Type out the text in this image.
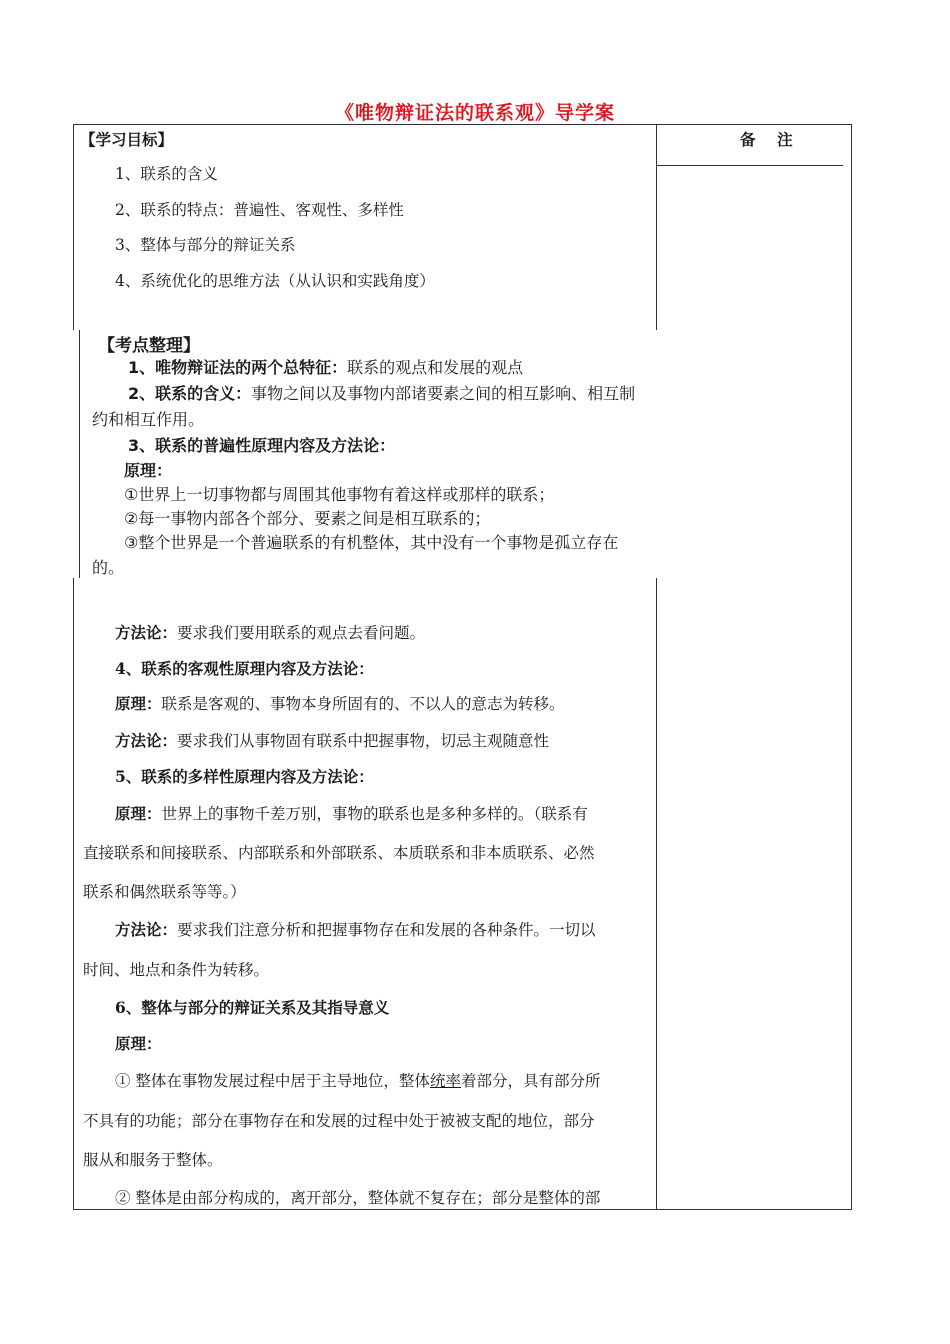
《唯物辩证法的联系观》导学案
备    注
【学习目标】
1、联系的含义
2、联系的特点：普遍性、客观性、多样性
3、整体与部分的辩证关系
4、系统优化的思维方法（从认识和实践角度）
【考点整理】
1、唯物辩证法的两个总特征：联系的观点和发展的观点
2、联系的含义：事物之间以及事物内部诸要素之间的相互影响、相互制
约和相互作用。
3、联系的普遍性原理内容及方法论：
原理：
①世界上一切事物都与周围其他事物有着这样或那样的联系；
②每一事物内部各个部分、要素之间是相互联系的；
③整个世界是一个普遍联系的有机整体，其中没有一个事物是孤立存在
的。
方法论：要求我们要用联系的观点去看问题。
4、联系的客观性原理内容及方法论：
原理：联系是客观的、事物本身所固有的、不以人的意志为转移。
方法论：要求我们从事物固有联系中把握事物，切忌主观随意性
5、联系的多样性原理内容及方法论：
原理：世界上的事物千差万别，事物的联系也是多种多样的。（联系有
直接联系和间接联系、内部联系和外部联系、本质联系和非本质联系、必然
联系和偶然联系等等。）
方法论：要求我们注意分析和把握事物存在和发展的各种条件。一切以
时间、地点和条件为转移。
6、整体与部分的辩证关系及其指导意义
原理：
① 整体在事物发展过程中居于主导地位，整体统率着部分，具有部分所
不具有的功能；部分在事物存在和发展的过程中处于被被支配的地位，部分
服从和服务于整体。
② 整体是由部分构成的，离开部分，整体就不复存在；部分是整体的部
